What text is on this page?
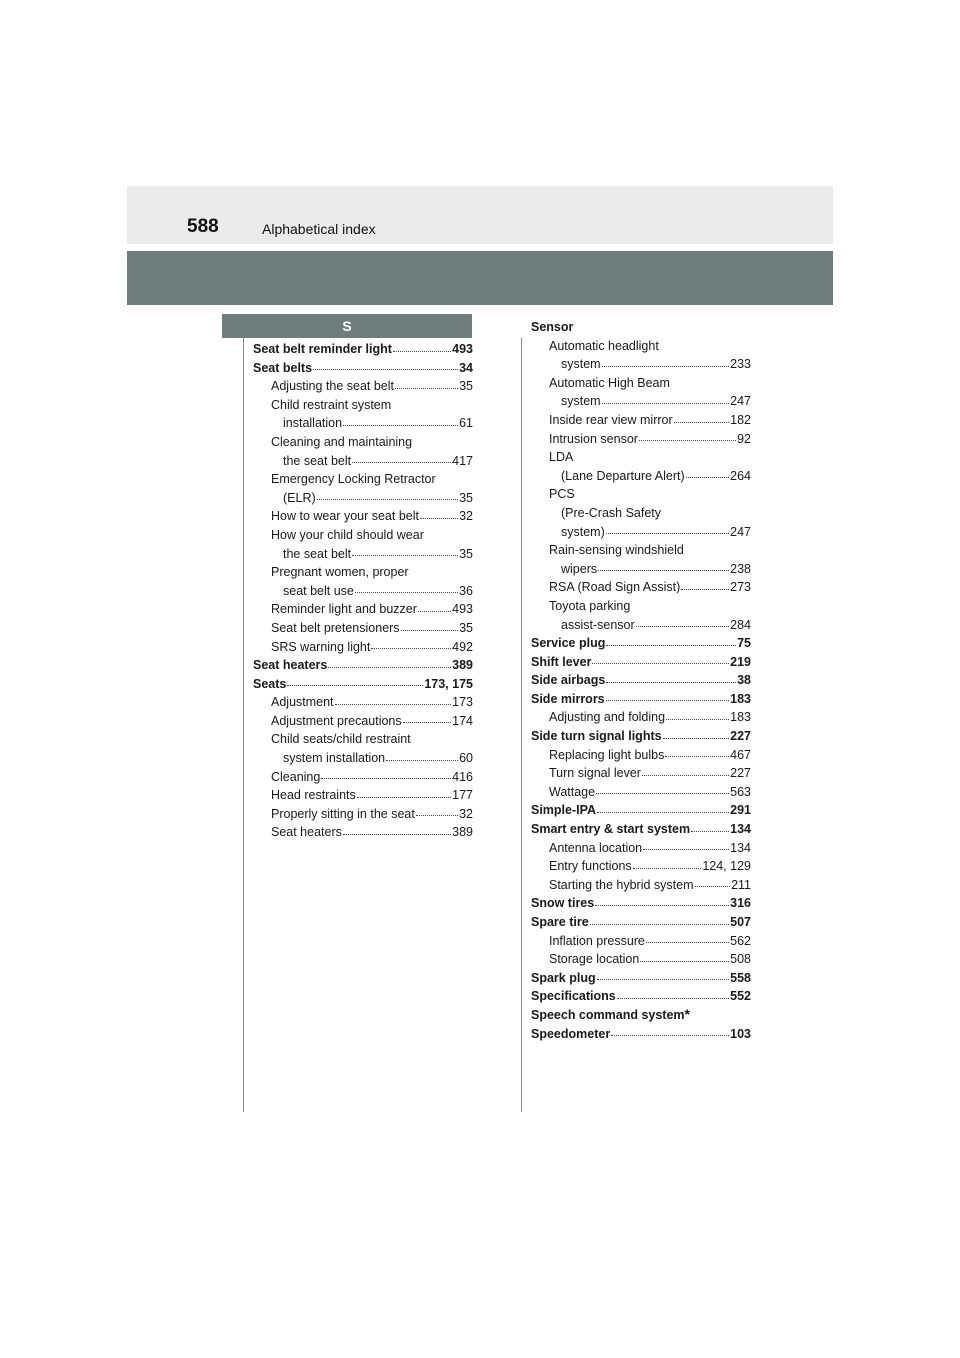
588	Alphabetical index
S
Seat belt reminder light	493
Seat belts	34
Adjusting the seat belt	35
Child restraint system
installation	61
Cleaning and maintaining
the seat belt	417
Emergency Locking Retractor
(ELR)	35
How to wear your seat belt	32
How your child should wear
the seat belt	35
Pregnant women, proper
seat belt use	36
Reminder light and buzzer	493
Seat belt pretensioners	35
SRS warning light	492
Seat heaters	389
Seats	173, 175
Adjustment	173
Adjustment precautions	174
Child seats/child restraint
system installation	60
Cleaning	416
Head restraints	177
Properly sitting in the seat	32
Seat heaters	389
Sensor
Automatic headlight
system	233
Automatic High Beam
system	247
Inside rear view mirror	182
Intrusion sensor	92
LDA
(Lane Departure Alert)	264
PCS
(Pre-Crash Safety
system)	247
Rain-sensing windshield
wipers	238
RSA (Road Sign Assist)	273
Toyota parking
assist-sensor	284
Service plug	75
Shift lever	219
Side airbags	38
Side mirrors	183
Adjusting and folding	183
Side turn signal lights	227
Replacing light bulbs	467
Turn signal lever	227
Wattage	563
Simple-IPA	291
Smart entry & start system	134
Antenna location	134
Entry functions	124, 129
Starting the hybrid system	211
Snow tires	316
Spare tire	507
Inflation pressure	562
Storage location	508
Spark plug	558
Specifications	552
Speech command system *
Speedometer	103
